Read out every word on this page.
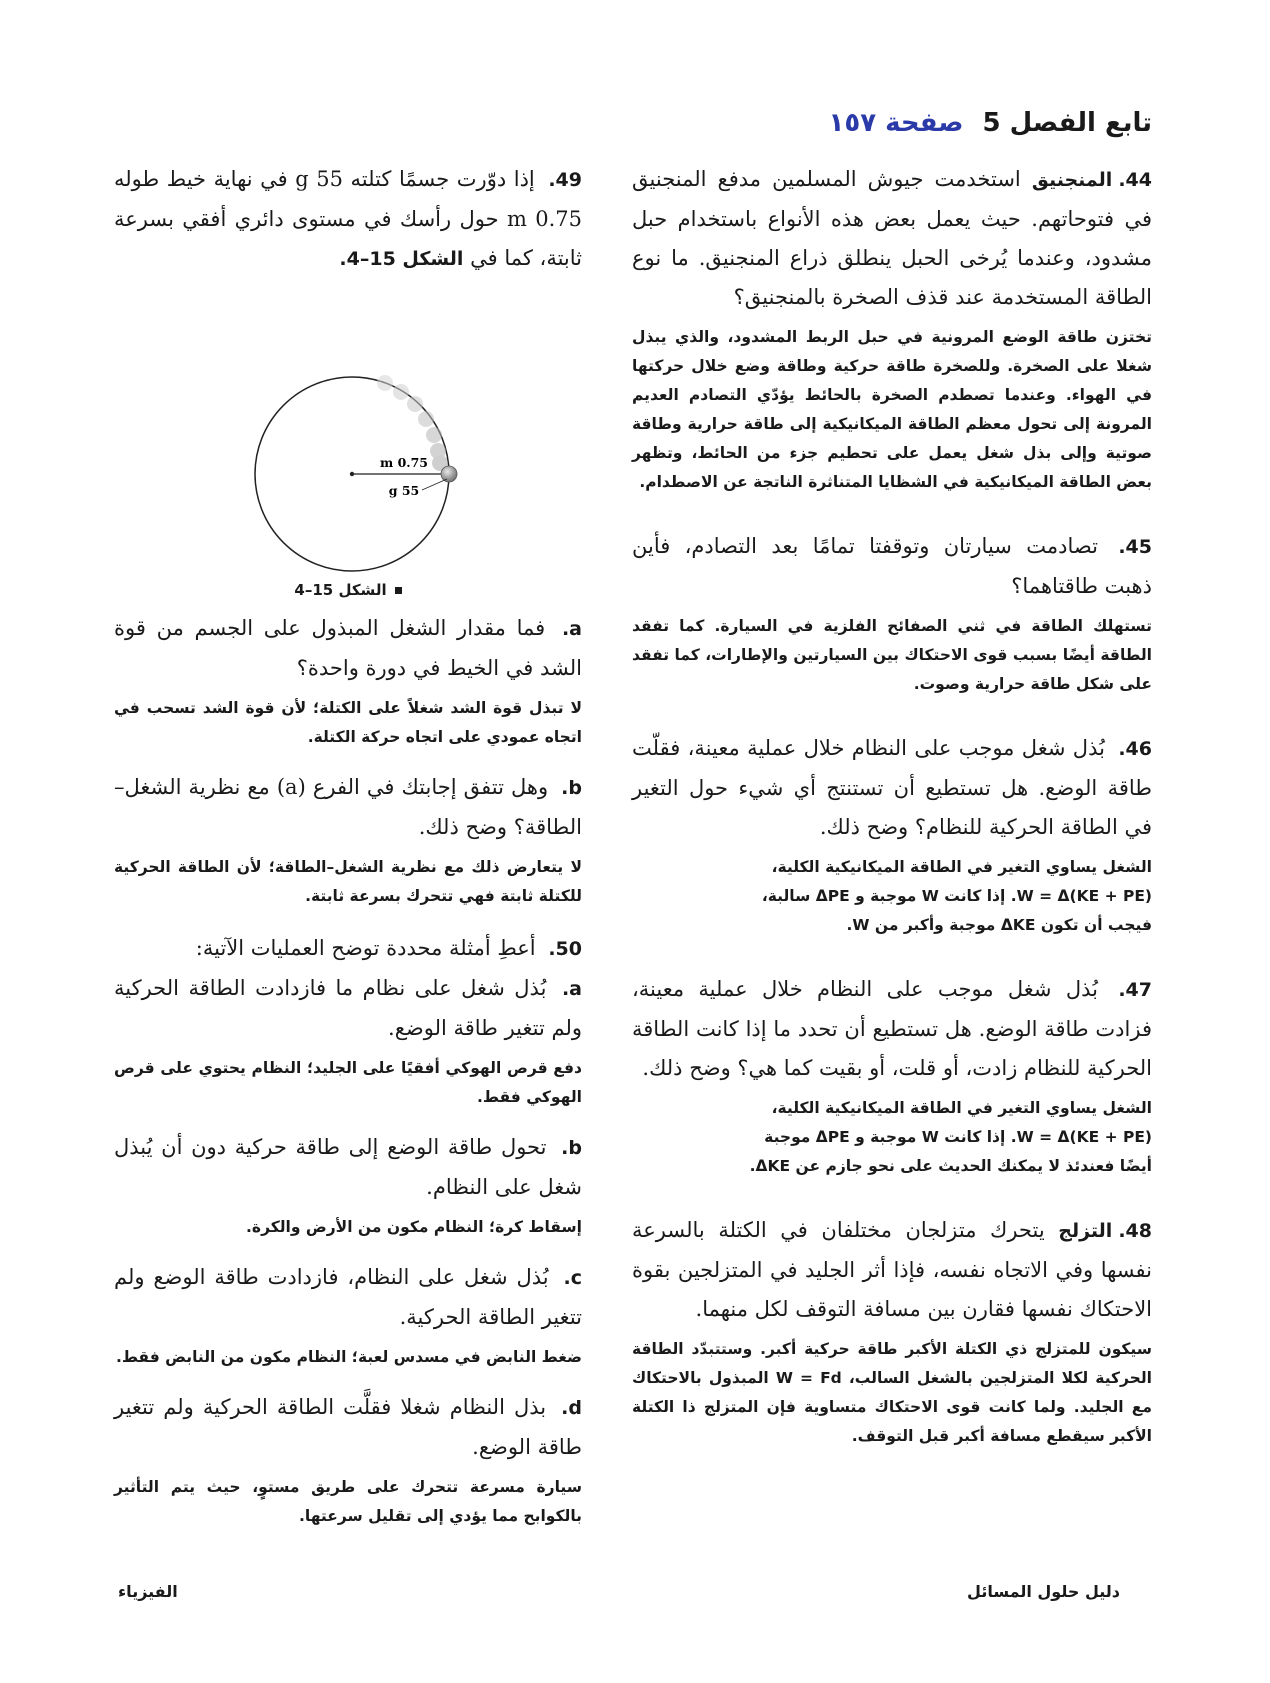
تابع الفصل 5 صفحة ١٥٧

44.المنجنيق استخدمت جيوش المسلمين مدفع المنجنيق في فتوحاتهم. حيث يعمل بعض هذه الأنواع باستخدام حبل مشدود، وعندما يُرخى الحبل ينطلق ذراع المنجنيق. ما نوع الطاقة المستخدمة عند قذف الصخرة بالمنجنيق؟

تختزن طاقة الوضع المرونية في حبل الربط المشدود، والذي يبذل شغلا على الصخرة. وللصخرة طاقة حركية وطاقة وضع خلال حركتها في الهواء. وعندما تصطدم الصخرة بالحائط يؤدّي التصادم العديم المرونة إلى تحول معظم الطاقة الميكانيكية إلى طاقة حرارية وطاقة صوتية وإلى بذل شغل يعمل على تحطيم جزء من الحائط، وتظهر بعض الطاقة الميكانيكية في الشظايا المتناثرة الناتجة عن الاصطدام.

45. تصادمت سيارتان وتوقفتا تمامًا بعد التصادم، فأين ذهبت طاقتاهما؟

تستهلك الطاقة في ثني الصفائح الفلزية في السيارة. كما تفقد الطاقة أيضًا بسبب قوى الاحتكاك بين السيارتين والإطارات، كما تفقد على شكل طاقة حرارية وصوت.

46. بُذل شغل موجب على النظام خلال عملية معينة، فقلّت طاقة الوضع. هل تستطيع أن تستنتج أي شيء حول التغير في الطاقة الحركية للنظام؟ وضح ذلك.

الشغل يساوي التغير في الطاقة الميكانيكية الكلية،
W = Δ(KE + PE). إذا كانت W موجبة و ΔPE سالبة،
فيجب أن تكون ΔKE موجبة وأكبر من W.

47. بُذل شغل موجب على النظام خلال عملية معينة، فزادت طاقة الوضع. هل تستطيع أن تحدد ما إذا كانت الطاقة الحركية للنظام زادت، أو قلت، أو بقيت كما هي؟ وضح ذلك.

الشغل يساوي التغير في الطاقة الميكانيكية الكلية،
W = Δ(KE + PE). إذا كانت W موجبة و ΔPE موجبة
أيضًا فعندئذ لا يمكنك الحديث على نحو جازم عن ΔKE.

48.التزلج يتحرك متزلجان مختلفان في الكتلة بالسرعة نفسها وفي الاتجاه نفسه، فإذا أثر الجليد في المتزلجين بقوة الاحتكاك نفسها فقارن بين مسافة التوقف لكل منهما.

سيكون للمتزلج ذي الكتلة الأكبر طاقة حركية أكبر. وستتبدّد الطاقة الحركية لكلا المتزلجين بالشغل السالب، W = Fd المبذول بالاحتكاك مع الجليد. ولما كانت قوى الاحتكاك متساوية فإن المتزلج ذا الكتلة الأكبر سيقطع مسافة أكبر قبل التوقف.

49. إذا دوّرت جسمًا كتلته 55 g في نهاية خيط طوله 0.75 m حول رأسك في مستوى دائري أفقي بسرعة ثابتة، كما في الشكل 15–4.

0.75 m
55 g
الشكل 15–4

a. فما مقدار الشغل المبذول على الجسم من قوة الشد في الخيط في دورة واحدة؟

لا تبذل قوة الشد شغلاً على الكتلة؛ لأن قوة الشد تسحب في اتجاه عمودي على اتجاه حركة الكتلة.

b. وهل تتفق إجابتك في الفرع (a) مع نظرية الشغل–الطاقة؟ وضح ذلك.

لا يتعارض ذلك مع نظرية الشغل–الطاقة؛ لأن الطاقة الحركية للكتلة ثابتة فهي تتحرك بسرعة ثابتة.

50. أعطِ أمثلة محددة توضح العمليات الآتية:

a. بُذل شغل على نظام ما فازدادت الطاقة الحركية ولم تتغير طاقة الوضع.

دفع قرص الهوكي أفقيًا على الجليد؛ النظام يحتوي على قرص الهوكي فقط.

b. تحول طاقة الوضع إلى طاقة حركية دون أن يُبذل شغل على النظام.

إسقاط كرة؛ النظام مكون من الأرض والكرة.

c. بُذل شغل على النظام، فازدادت طاقة الوضع ولم تتغير الطاقة الحركية.

ضغط النابض في مسدس لعبة؛ النظام مكون من النابض فقط.

d. بذل النظام شغلا فقلَّت الطاقة الحركية ولم تتغير طاقة الوضع.

سيارة مسرعة تتحرك على طريق مستوٍ، حيث يتم التأثير بالكوابح مما يؤدي إلى تقليل سرعتها.

دليل حلول المسائل
الفيزياء
